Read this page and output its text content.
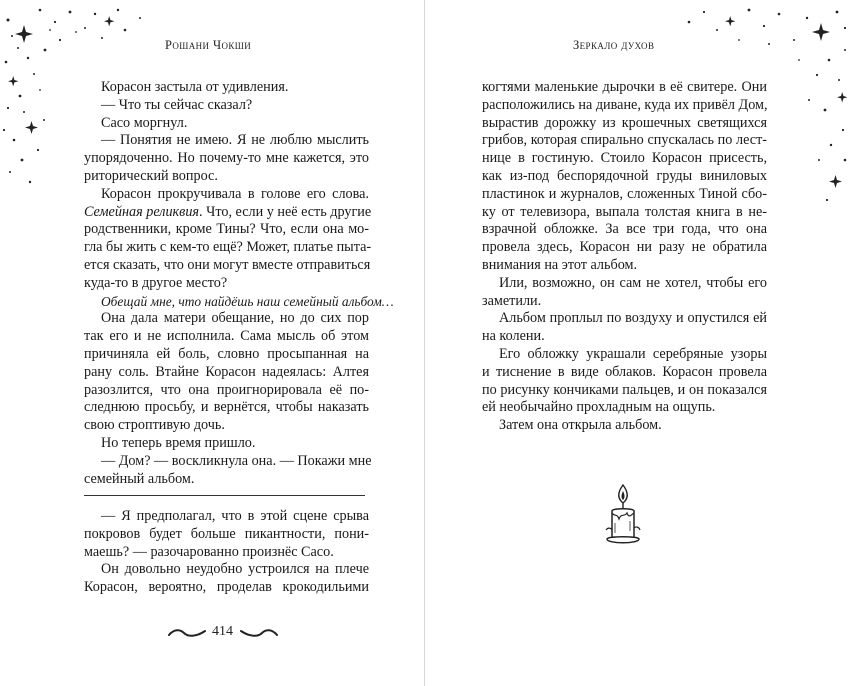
Рошани Чокши
Корасон застыла от удивления.
— Что ты сейчас сказал?
Сасо моргнул.
— Понятия не имею. Я не люблю мыслить
упорядоченно. Но почему-то мне кажется, это
риторический вопрос.
Корасон прокручивала в голове его слова.
Семейная реликвия. Что, если у неё есть другие
родственники, кроме Тины? Что, если она мо-
гла бы жить с кем-то ещё? Может, платье пыта-
ется сказать, что они могут вместе отправиться
куда-то в другое место?
Обещай мне, что найдёшь наш семейный альбом…
Она дала матери обещание, но до сих пор
так его и не исполнила. Сама мысль об этом
причиняла ей боль, словно просыпанная на
рану соль. Втайне Корасон надеялась: Алтея
разозлится, что она проигнорировала её по-
следнюю просьбу, и вернётся, чтобы наказать
свою строптивую дочь.
Но теперь время пришло.
— Дом? — воскликнула она. — Покажи мне
семейный альбом.
— Я предполагал, что в этой сцене срыва
покровов будет больше пикантности, пони-
маешь? — разочарованно произнёс Сасо.
Он довольно неудобно устроился на плече
Корасон, вероятно, проделав крокодильими
414
Зеркало духов
когтями маленькие дырочки в её свитере. Они
расположились на диване, куда их привёл Дом,
вырастив дорожку из крошечных светящихся
грибов, которая спирально спускалась по лест-
нице в гостиную. Стоило Корасон присесть,
как из-под беспорядочной груды виниловых
пластинок и журналов, сложенных Тиной сбо-
ку от телевизора, выпала толстая книга в не-
взрачной обложке. За все три года, что она
провела здесь, Корасон ни разу не обратила
внимания на этот альбом.
Или, возможно, он сам не хотел, чтобы его
заметили.
Альбом проплыл по воздуху и опустился ей
на колени.
Его обложку украшали серебряные узоры
и тиснение в виде облаков. Корасон провела
по рисунку кончиками пальцев, и он показался
ей необычайно прохладным на ощупь.
Затем она открыла альбом.
